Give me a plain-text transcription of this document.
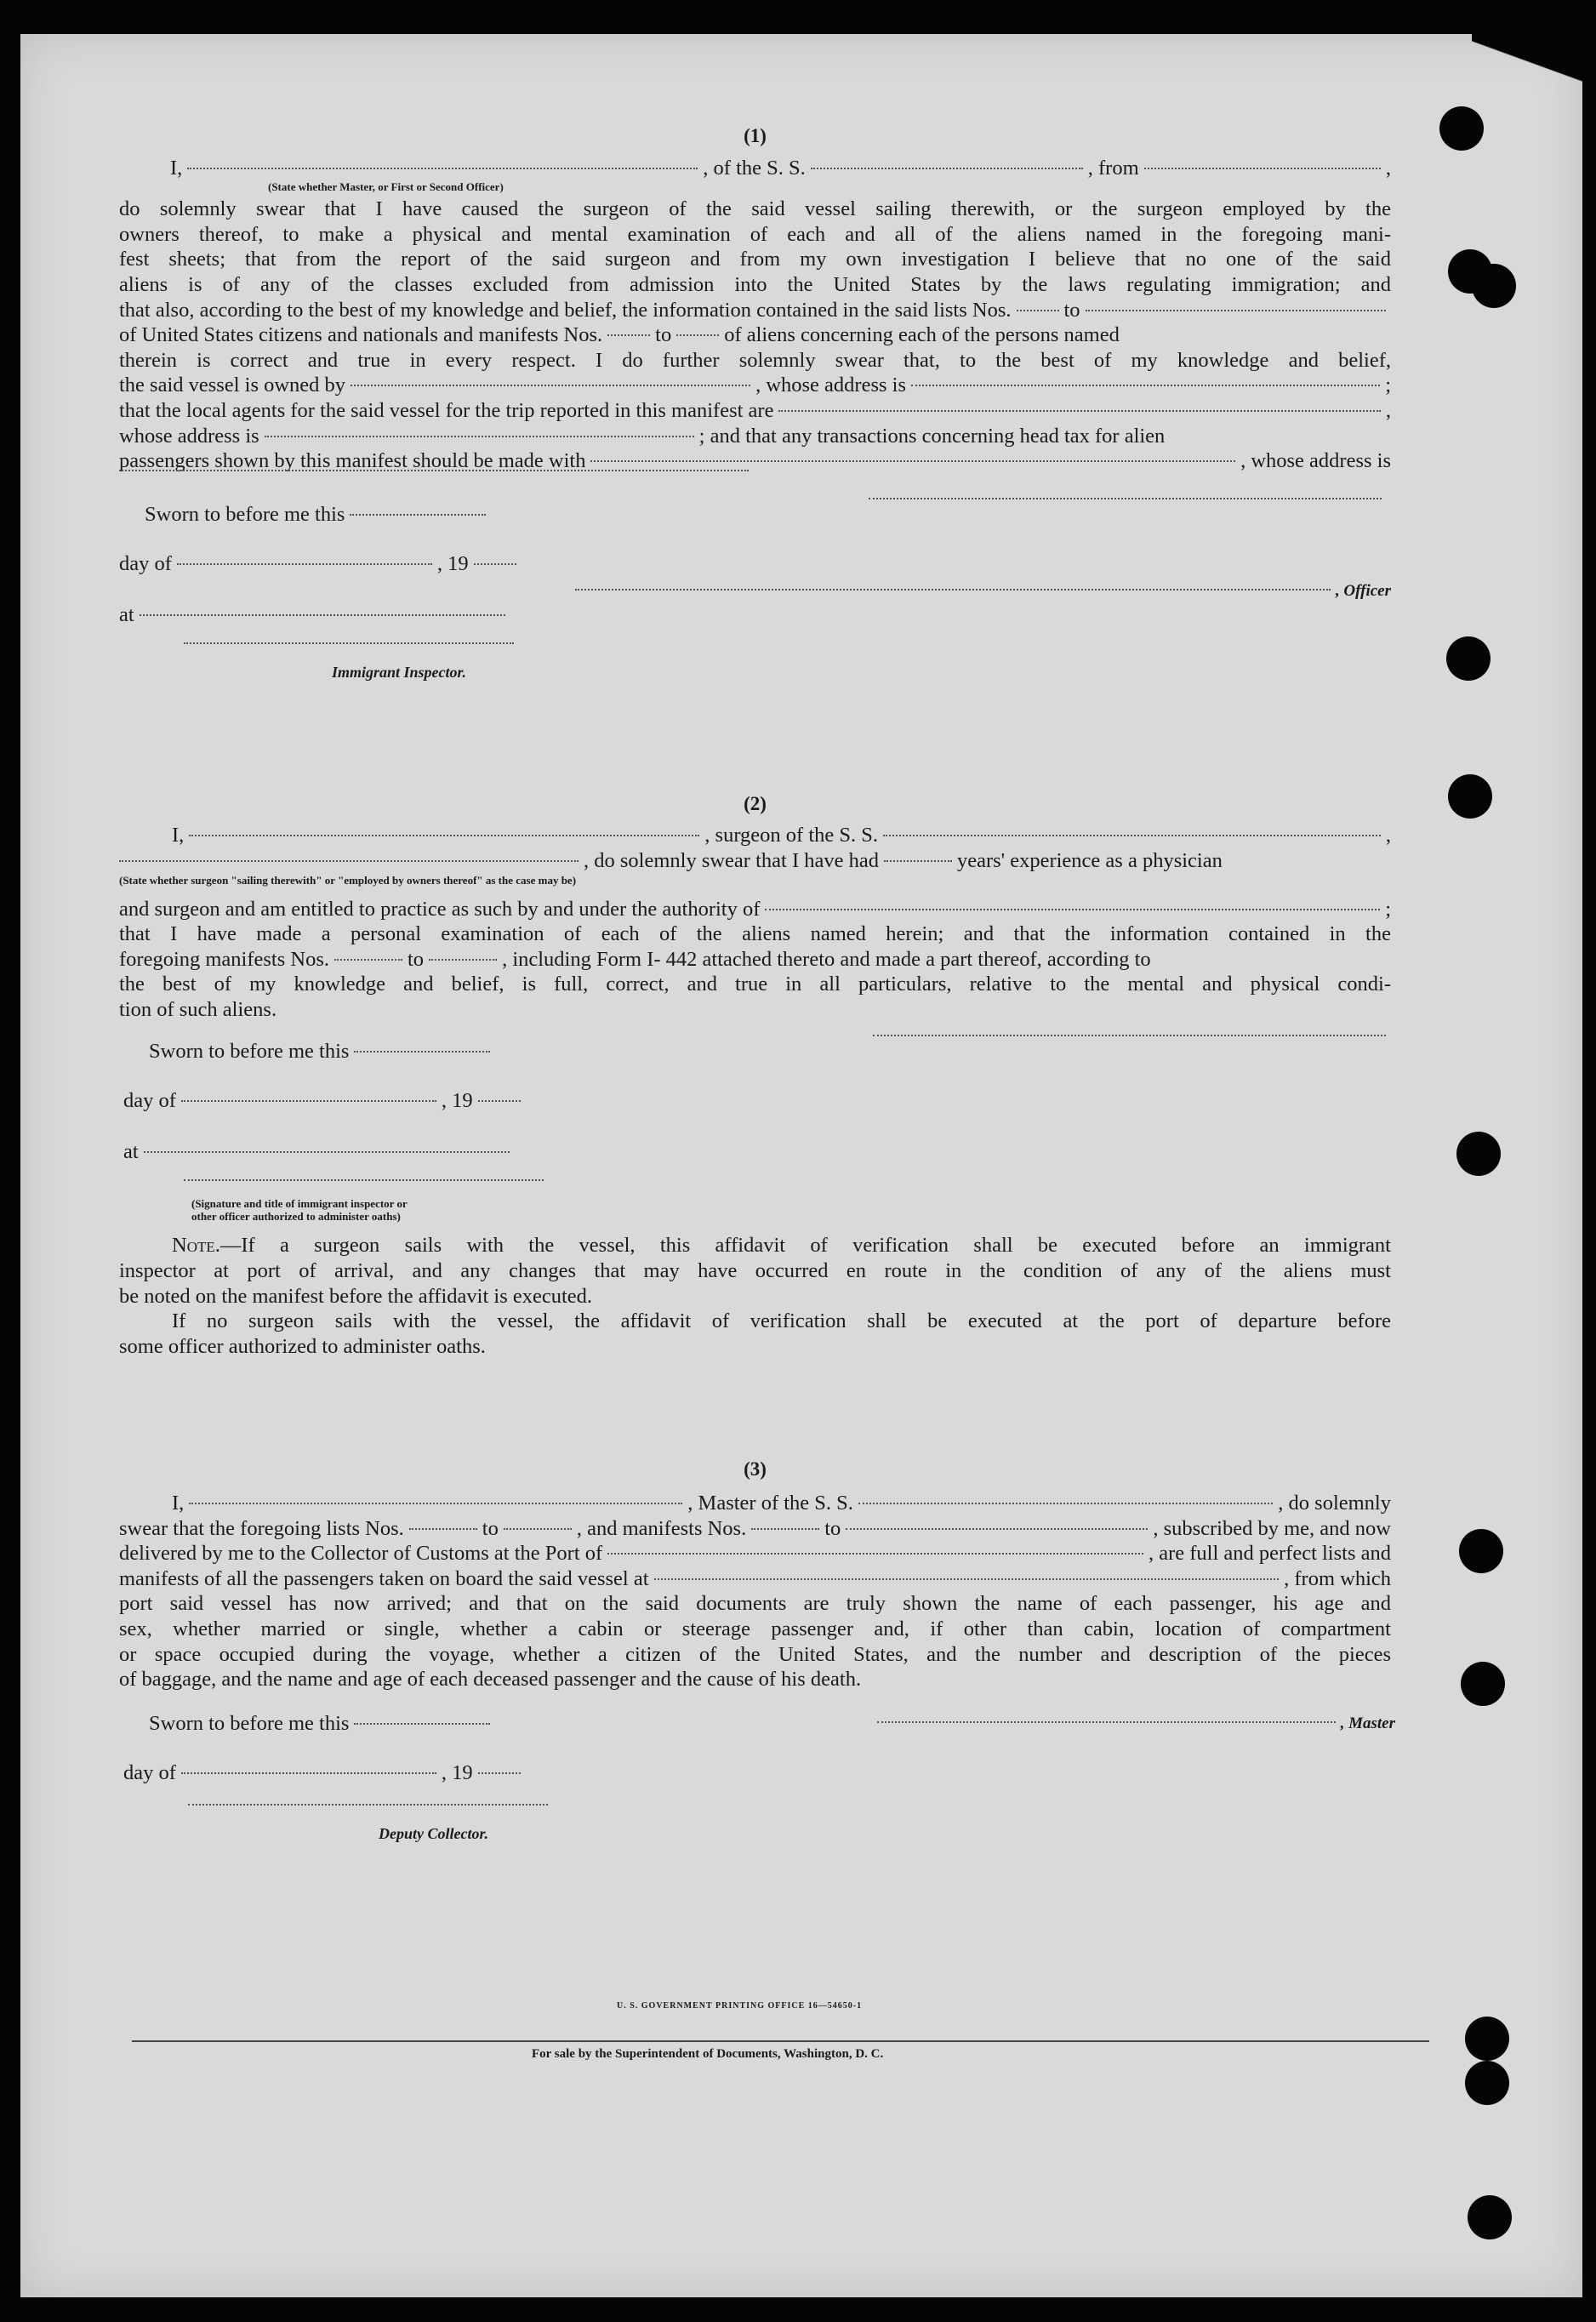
(1)
I,	, of the S. S.	, from	,
(State whether Master, or First or Second Officer)
do solemnly swear that I have caused the surgeon of the said vessel sailing therewith, or the surgeon employed by the
owners thereof, to make a physical and mental examination of each and all of the aliens named in the foregoing mani-
fest sheets; that from the report of the said surgeon and from my own investigation I believe that no one of the said
aliens is of any of the classes excluded from admission into the United States by the laws regulating immigration; and
that also, according to the best of my knowledge and belief, the information contained in the said lists Nos.	to
of United States citizens and nationals and manifests Nos.	to	of aliens concerning each of the persons named
therein is correct and true in every respect. I do further solemnly swear that, to the best of my knowledge and belief,
the said vessel is owned by	, whose address is	;
that the local agents for the said vessel for the trip reported in this manifest are	,
whose address is	; and that any transactions concerning head tax for alien
passengers shown by this manifest should be made with	, whose address is
Sworn to before me this
day of	, 19
, Officer
at
Immigrant Inspector.
(2)
I,	, surgeon of the S. S.	,
, do solemnly swear that I have had	years' experience as a physician
(State whether surgeon "sailing therewith" or "employed by owners thereof" as the case may be)
and surgeon and am entitled to practice as such by and under the authority of	;
that I have made a personal examination of each of the aliens named herein; and that the information contained in the
foregoing manifests Nos.	to	, including Form I- 442 attached thereto and made a part thereof, according to
the best of my knowledge and belief, is full, correct, and true in all particulars, relative to the mental and physical condi-
tion of such aliens.
Sworn to before me this
day of	, 19
at
(Signature and title of immigrant inspector or
other officer authorized to administer oaths)
Note.—If a surgeon sails with the vessel, this affidavit of verification shall be executed before an immigrant
inspector at port of arrival, and any changes that may have occurred en route in the condition of any of the aliens must
be noted on the manifest before the affidavit is executed.
If no surgeon sails with the vessel, the affidavit of verification shall be executed at the port of departure before
some officer authorized to administer oaths.
(3)
I,	, Master of the S. S.	, do solemnly
swear that the foregoing lists Nos.	to	, and manifests Nos.	to	, subscribed by me, and now
delivered by me to the Collector of Customs at the Port of	, are full and perfect lists and
manifests of all the passengers taken on board the said vessel at	, from which
port said vessel has now arrived; and that on the said documents are truly shown the name of each passenger, his age and
sex, whether married or single, whether a cabin or steerage passenger and, if other than cabin, location of compartment
or space occupied during the voyage, whether a citizen of the United States, and the number and description of the pieces
of baggage, and the name and age of each deceased passenger and the cause of his death.
Sworn to before me this	, Master
day of	, 19
Deputy Collector.
U. S. GOVERNMENT PRINTING OFFICE 16—54650-1
For sale by the Superintendent of Documents, Washington, D. C.
